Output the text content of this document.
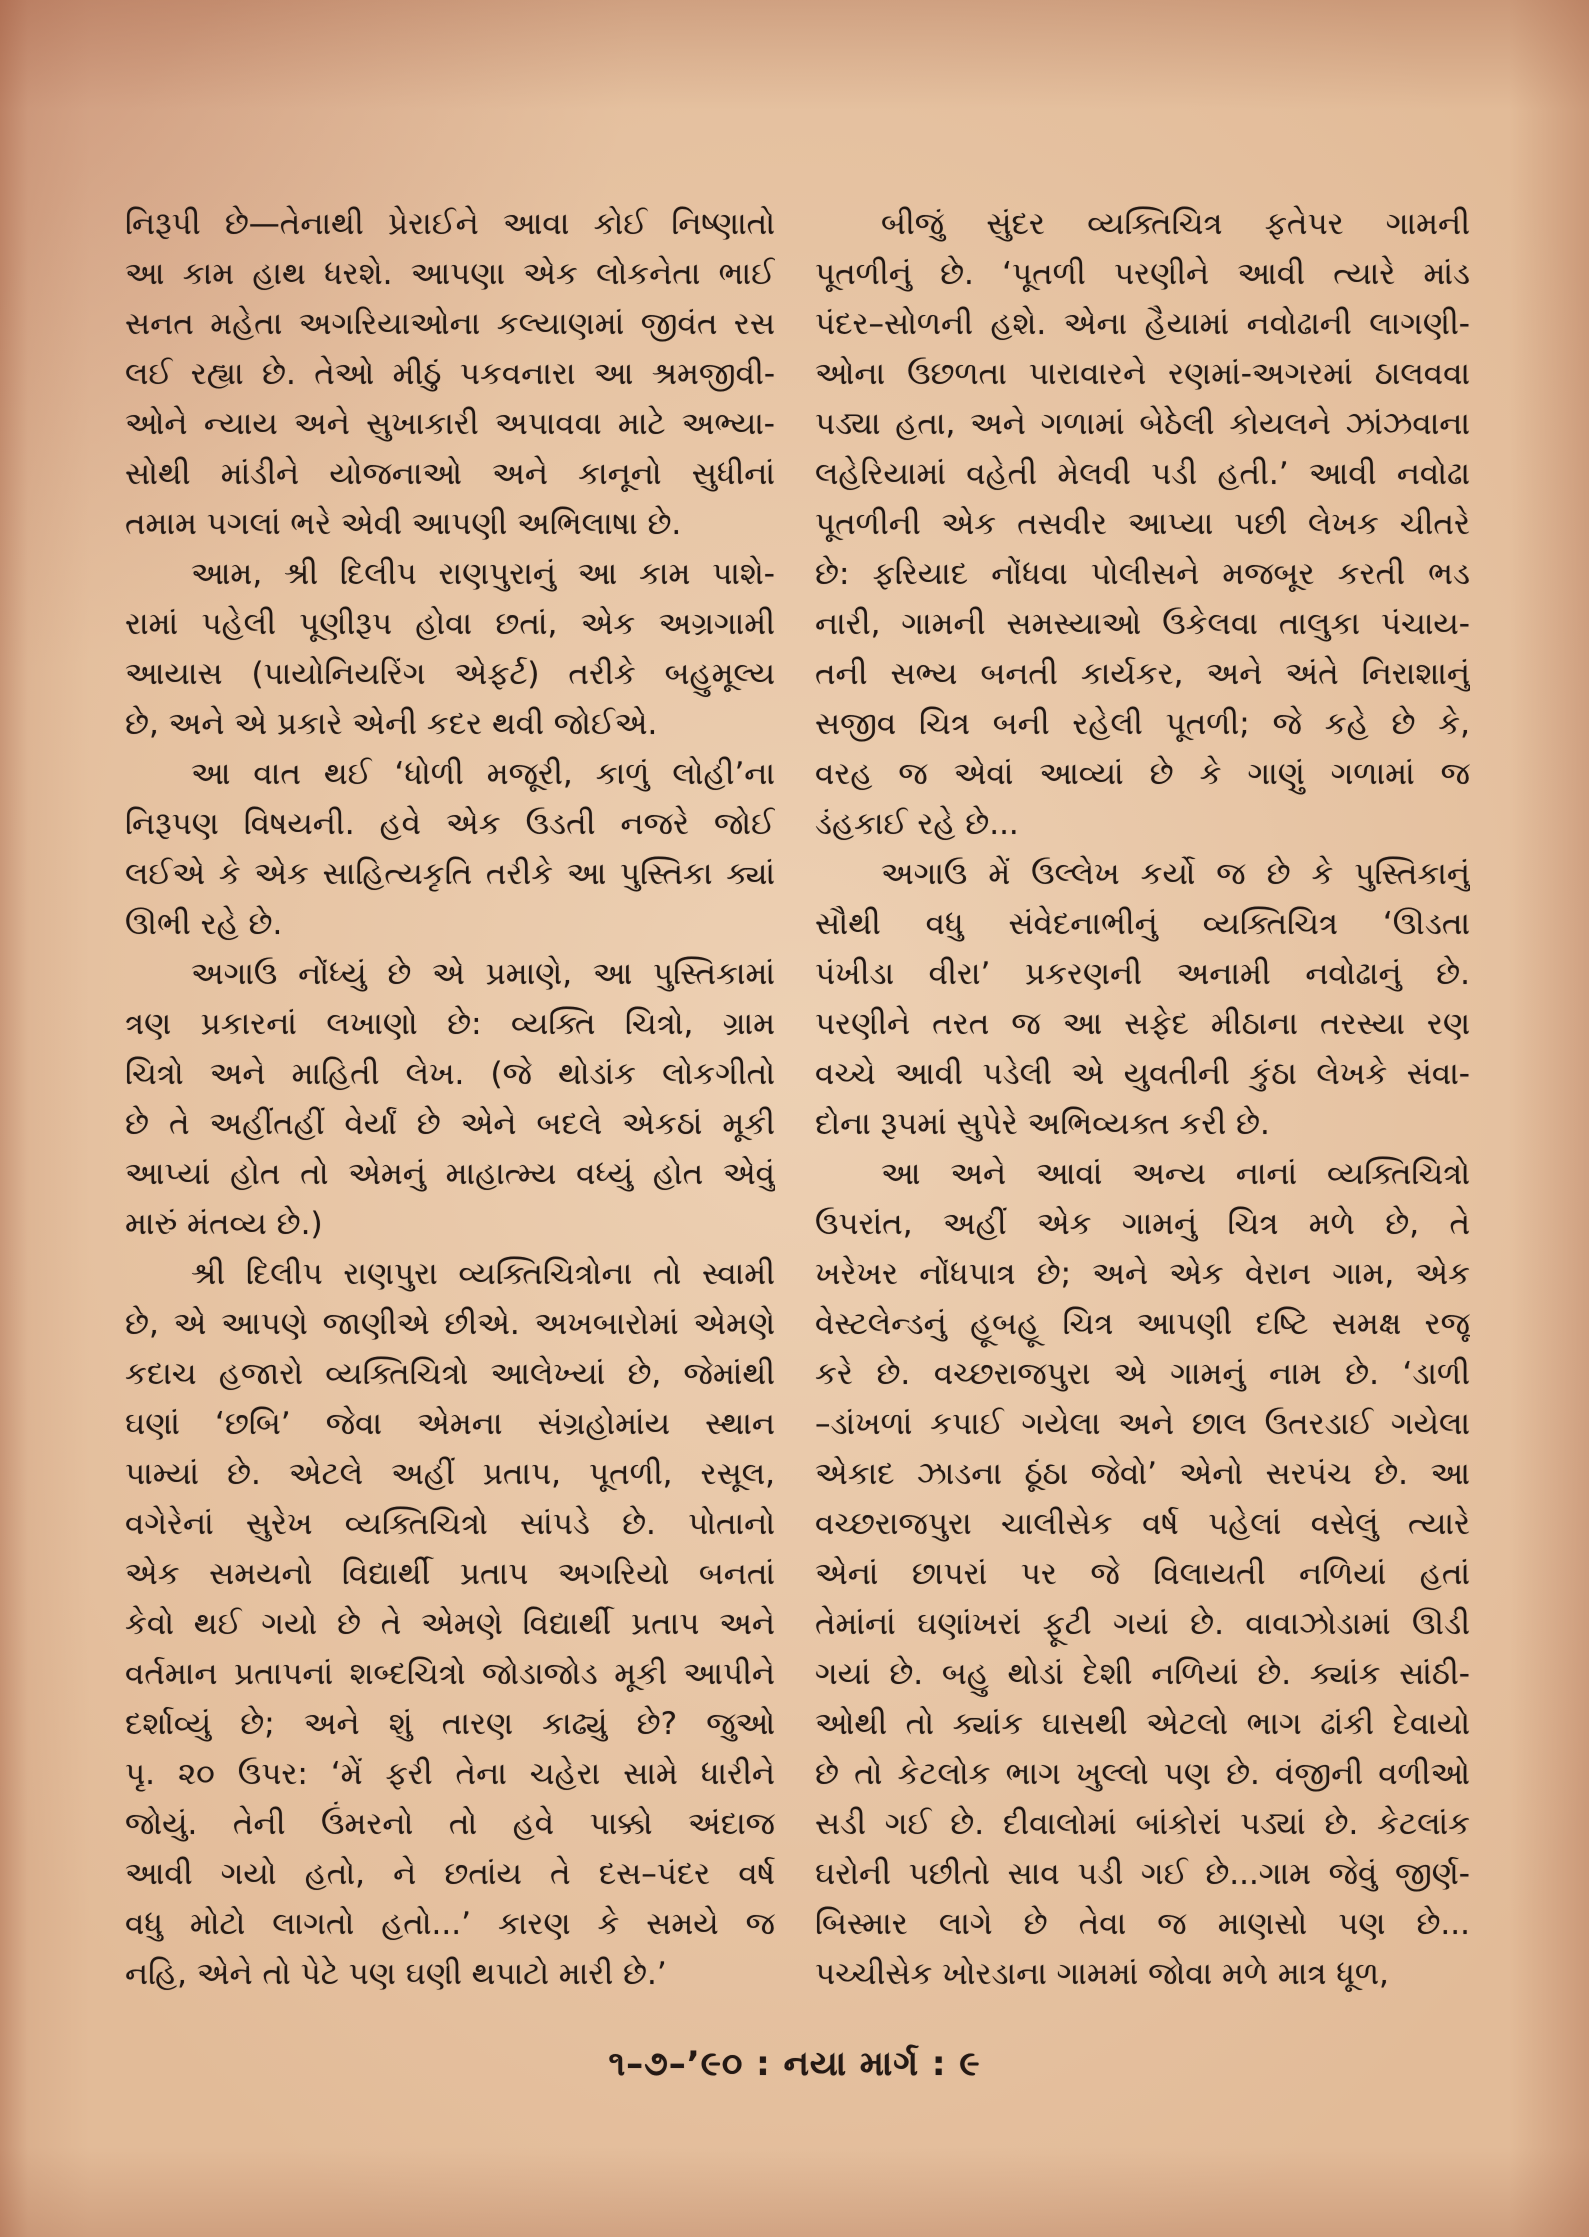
નિરૂપી છે—તેનાથી પ્રેરાઈને આવા કોઈ નિષ્ણાતો
આ કામ હાથ ધરશે. આપણા એક લોકનેતા ભાઈ
સનત મહેતા અગરિયાઓના કલ્યાણમાં જીવંત રસ
લઈ રહ્યા છે. તેઓ મીઠું પકવનારા આ શ્રમજીવી-
ઓને ન્યાય અને સુખાકારી અપાવવા માટે અભ્યા-
સોથી માંડીને યોજનાઓ અને કાનૂનો સુધીનાં
તમામ પગલાં ભરે એવી આપણી અભિલાષા છે.
આમ, શ્રી દિલીપ રાણપુરાનું આ કામ પાશે-
રામાં પહેલી પૂણીરૂપ હોવા છતાં, એક અગ્રગામી
આયાસ (પાયોનિયરિંગ એફર્ટ) તરીકે બહુમૂલ્ય
છે, અને એ પ્રકારે એની કદર થવી જોઈએ.
આ વાત થઈ ‘ધોળી મજૂરી, કાળું લોહી’ના
નિરૂપણ વિષયની. હવે એક ઉડતી નજરે જોઈ
લઈએ કે એક સાહિત્યકૃતિ તરીકે આ પુસ્તિકા ક્યાં
ઊભી રહે છે.
અગાઉ નોંધ્યું છે એ પ્રમાણે, આ પુસ્તિકામાં
ત્રણ પ્રકારનાં લખાણો છે: વ્યક્તિ ચિત્રો, ગ્રામ
ચિત્રો અને માહિતી લેખ. (જે થોડાંક લોકગીતો
છે તે અહીંતહીં વેર્યાં છે એને બદલે એકઠાં મૂકી
આપ્યાં હોત તો એમનું માહાત્મ્ય વધ્યું હોત એવું
મારું મંતવ્ય છે.)
શ્રી દિલીપ રાણપુરા વ્યક્તિચિત્રોના તો સ્વામી
છે, એ આપણે જાણીએ છીએ. અખબારોમાં એમણે
કદાચ હજારો વ્યક્તિચિત્રો આલેખ્યાં છે, જેમાંથી
ઘણાં ‘છબિ’ જેવા એમના સંગ્રહોમાંય સ્થાન
પામ્યાં છે. એટલે અહીં પ્રતાપ, પૂતળી, રસૂલ,
વગેરેનાં સુરેખ વ્યક્તિચિત્રો સાંપડે છે. પોતાનો
એક સમયનો વિદ્યાર્થી પ્રતાપ અગરિયો બનતાં
કેવો થઈ ગયો છે તે એમણે વિદ્યાર્થી પ્રતાપ અને
વર્તમાન પ્રતાપનાં શબ્દચિત્રો જોડાજોડ મૂકી આપીને
દર્શાવ્યું છે; અને શું તારણ કાઢ્યું છે? જુઓ
પૃ. ૨૦ ઉપર: ‘મેં ફરી તેના ચહેરા સામે ધારીને
જોયું. તેની ઉંમરનો તો હવે પાક્કો અંદાજ
આવી ગયો હતો, ને છતાંય તે દસ–પંદર વર્ષ
વધુ મોટો લાગતો હતો...’ કારણ કે સમયે જ
નહિ, એને તો પેટે પણ ઘણી થપાટો મારી છે.’
બીજું સુંદર વ્યક્તિચિત્ર ફતેપર ગામની
પૂતળીનું છે. ‘પૂતળી પરણીને આવી ત્યારે માંડ
પંદર–સોળની હશે. એના હૈયામાં નવોઢાની લાગણી-
ઓના ઉછળતા પારાવારને રણમાં-અગરમાં ઠાલવવા
પડ્યા હતા, અને ગળામાં બેઠેલી કોયલને ઝાંઝવાના
લહેરિયામાં વહેતી મેલવી પડી હતી.’ આવી નવોઢા
પૂતળીની એક તસવીર આપ્યા પછી લેખક ચીતરે
છે: ફરિયાદ નોંધવા પોલીસને મજબૂર કરતી ભડ
નારી, ગામની સમસ્યાઓ ઉકેલવા તાલુકા પંચાય-
તની સભ્ય બનતી કાર્યકર, અને અંતે નિરાશાનું
સજીવ ચિત્ર બની રહેલી પૂતળી; જે કહે છે કે,
વરહ જ એવાં આવ્યાં છે કે ગાણું ગળામાં જ
ડંહકાઈ રહે છે...
અગાઉ મેં ઉલ્લેખ કર્યો જ છે કે પુસ્તિકાનું
સૌથી વધુ સંવેદનાભીનું વ્યક્તિચિત્ર ‘ઊડતા
પંખીડા વીરા’ પ્રકરણની અનામી નવોઢાનું છે.
પરણીને તરત જ આ સફેદ મીઠાના તરસ્યા રણ
વચ્ચે આવી પડેલી એ યુવતીની કુંઠા લેખકે સંવા-
દોના રૂપમાં સુપેરે અભિવ્યક્ત કરી છે.
આ અને આવાં અન્ય નાનાં વ્યક્તિચિત્રો
ઉપરાંત, અહીં એક ગામનું ચિત્ર મળે છે, તે
ખરેખર નોંધપાત્ર છે; અને એક વેરાન ગામ, એક
વેસ્ટલેન્ડનું હૂબહૂ ચિત્ર આપણી દષ્ટિ સમક્ષ રજૂ
કરે છે. વચ્છરાજપુરા એ ગામનું નામ છે. ‘ડાળી
–ડાંખળાં કપાઈ ગયેલા અને છાલ ઉતરડાઈ ગયેલા
એકાદ ઝાડના ઠૂંઠા જેવો’ એનો સરપંચ છે. આ
વચ્છરાજપુરા ચાલીસેક વર્ષ પહેલાં વસેલું ત્યારે
એનાં છાપરાં પર જે વિલાયતી નળિયાં હતાં
તેમાંનાં ઘણાંખરાં ફૂટી ગયાં છે. વાવાઝોડામાં ઊડી
ગયાં છે. બહુ થોડાં દેશી નળિયાં છે. ક્યાંક સાંઠી-
ઓથી તો ક્યાંક ઘાસથી એટલો ભાગ ઢાંકી દેવાયો
છે તો કેટલોક ભાગ ખુલ્લો પણ છે. વંજીની વળીઓ
સડી ગઈ છે. દીવાલોમાં બાંકોરાં પડ્યાં છે. કેટલાંક
ઘરોની પછીતો સાવ પડી ગઈ છે...ગામ જેવું જીર્ણ-
બિસ્માર લાગે છે તેવા જ માણસો પણ છે...
પચ્ચીસેક ખોરડાના ગામમાં જોવા મળે માત્ર ધૂળ,
૧–૭–’૯૦ : નયા માર્ગ : ૯
